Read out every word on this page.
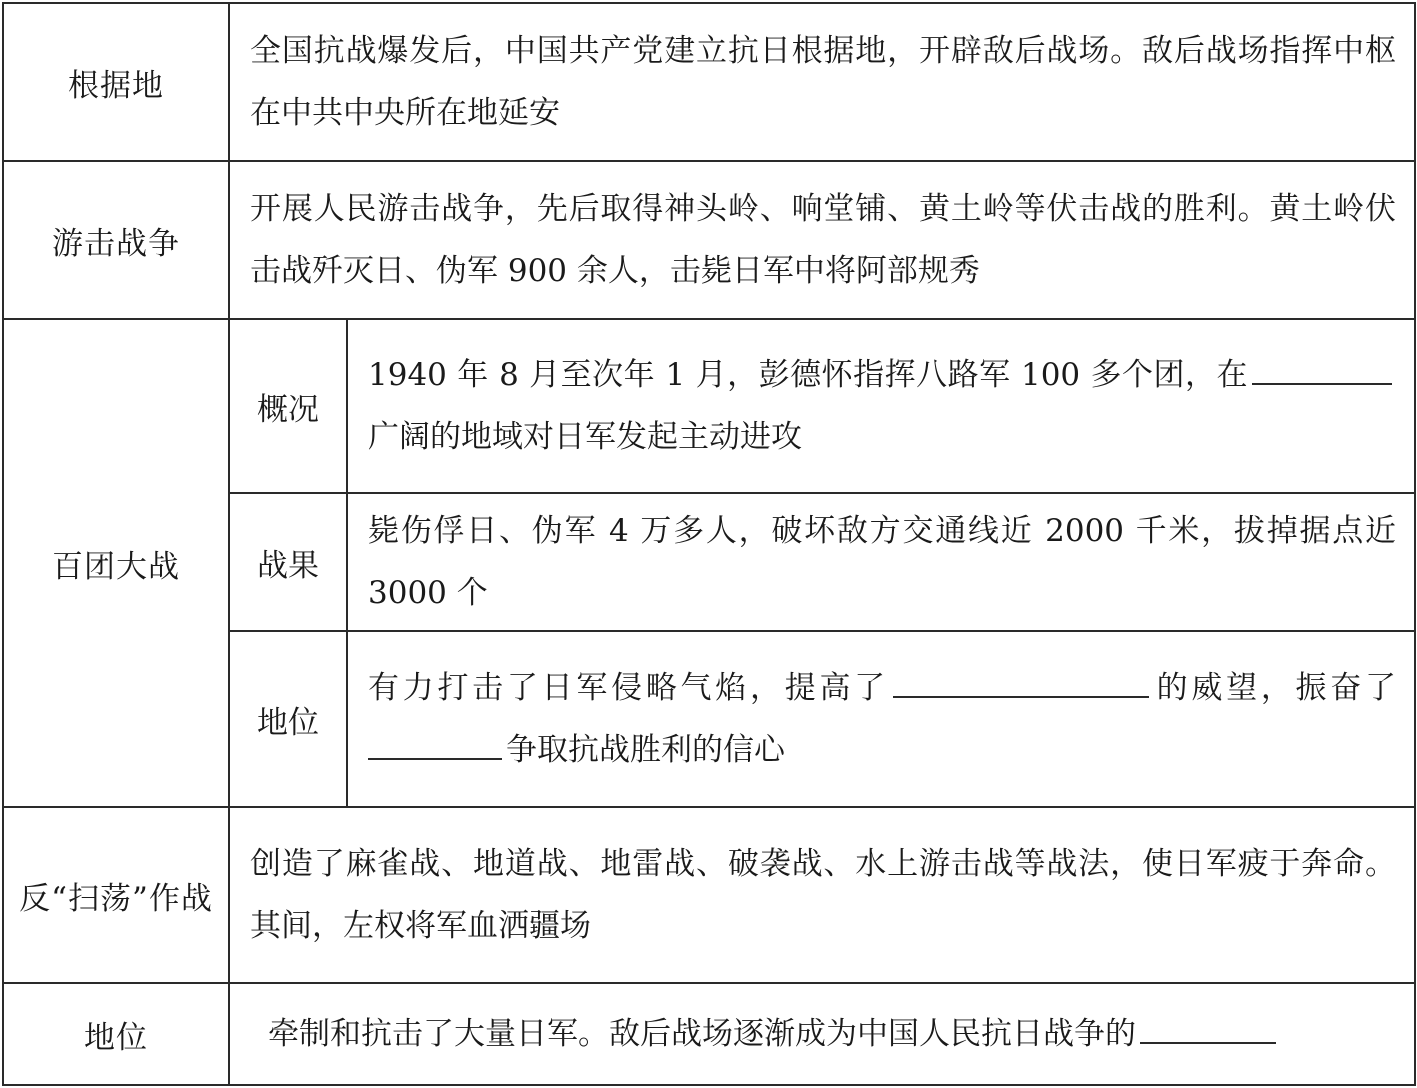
根据地	全国抗战爆发后，中国共产党建立抗日根据地，开辟敌后战场。敌后战场指挥中枢在中共中央所在地延安	
游击战争	开展人民游击战争，先后取得神头岭、响堂铺、黄土岭等伏击战的胜利。黄土岭伏击战歼灭日、伪军 900 余人，击毙日军中将阿部规秀	
百团大战	概况	1940 年 8 月至次年 1 月，彭德怀指挥八路军 100 多个团，在广阔的地域对日军发起主动进攻
	战果	毙伤俘日、伪军 4 万多人，破坏敌方交通线近 2000 千米，拔掉据点近 3000 个
	地位	有力打击了日军侵略气焰，提高了 的威望，振奋了争取抗战胜利的信心
反“扫荡”作战	创造了麻雀战、地道战、地雷战、破袭战、水上游击战等战法，使日军疲于奔命。其间，左权将军血洒疆场	
地位	牵制和抗击了大量日军。敌后战场逐渐成为中国人民抗日战争的	
